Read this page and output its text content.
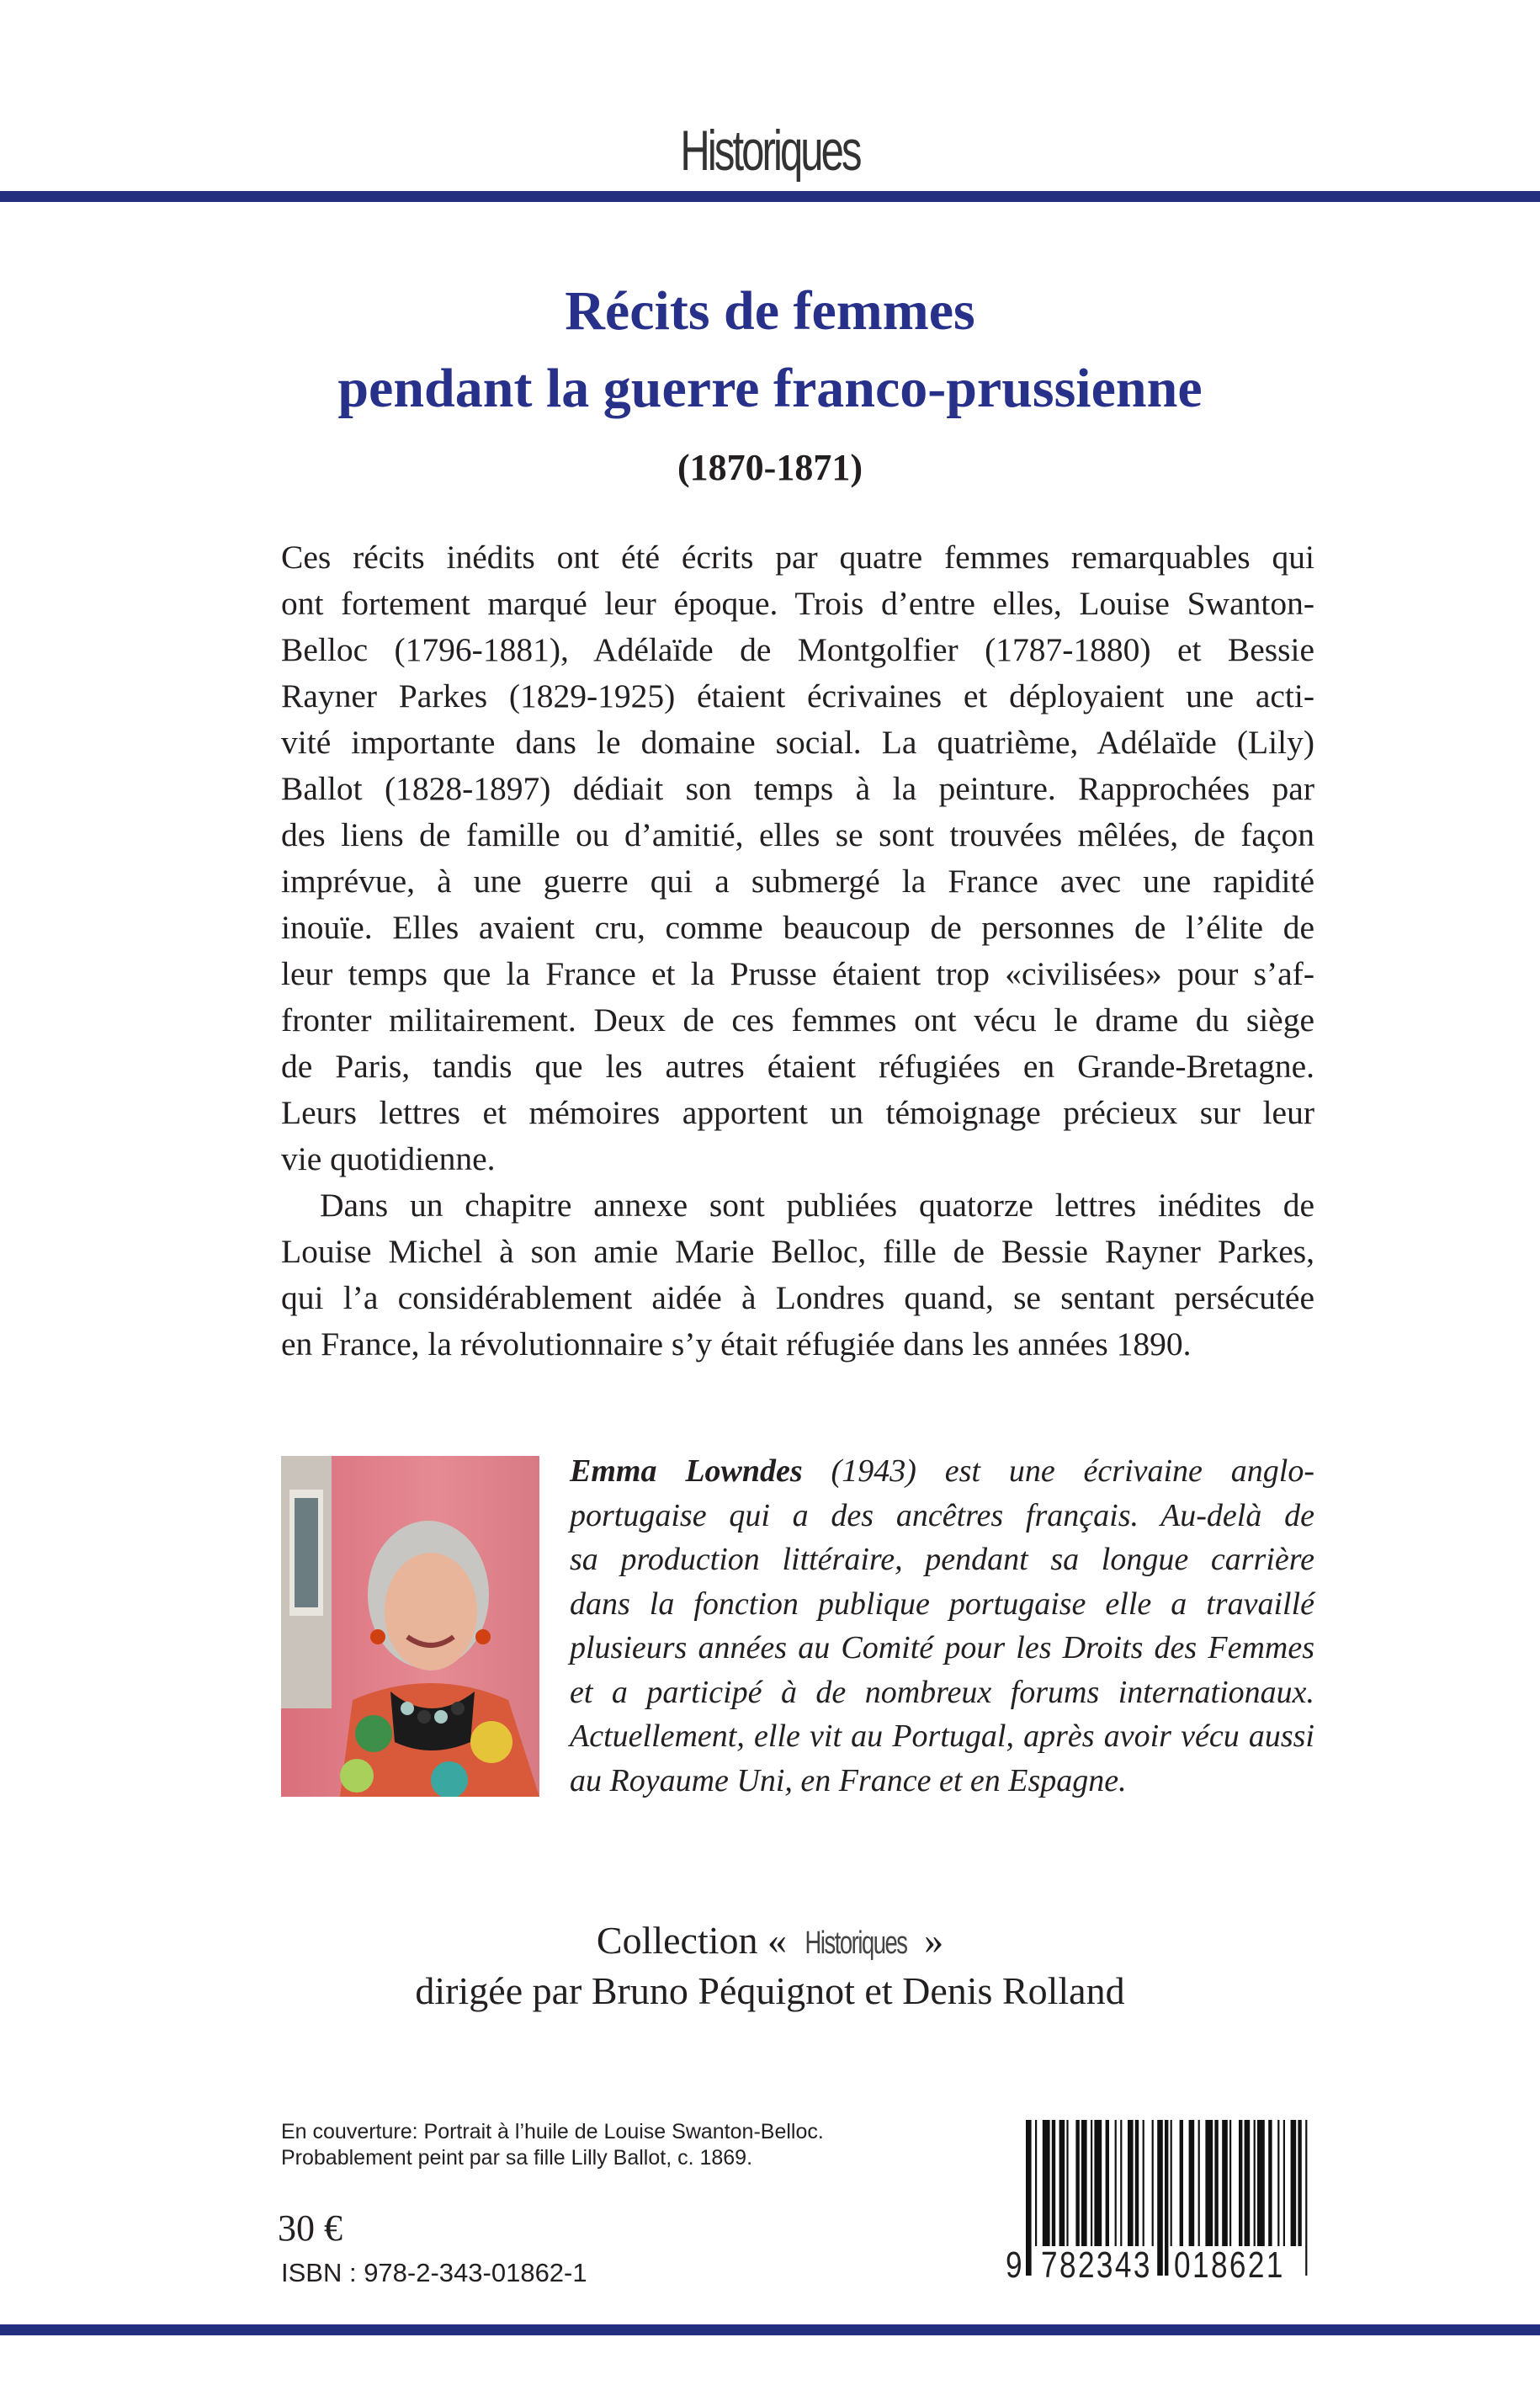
Historiques
Récits de femmes
pendant la guerre franco-prussienne
(1870-1871)
Ces récits inédits ont été écrits par quatre femmes remarquables qui
ont fortement marqué leur époque. Trois d’entre elles, Louise Swanton-
Belloc (1796-1881), Adélaïde de Montgolfier (1787-1880) et Bessie
Rayner Parkes (1829-1925) étaient écrivaines et déployaient une acti-
vité importante dans le domaine social. La quatrième, Adélaïde (Lily)
Ballot (1828-1897) dédiait son temps à la peinture. Rapprochées par
des liens de famille ou d’amitié, elles se sont trouvées mêlées, de façon
imprévue, à une guerre qui a submergé la France avec une rapidité
inouïe. Elles avaient cru, comme beaucoup de personnes de l’élite de
leur temps que la France et la Prusse étaient trop «civilisées» pour s’af-
fronter militairement. Deux de ces femmes ont vécu le drame du siège
de Paris, tandis que les autres étaient réfugiées en Grande-Bretagne.
Leurs lettres et mémoires apportent un témoignage précieux sur leur
vie quotidienne.
Dans un chapitre annexe sont publiées quatorze lettres inédites de
Louise Michel à son amie Marie Belloc, fille de Bessie Rayner Parkes,
qui l’a considérablement aidée à Londres quand, se sentant persécutée
en France, la révolutionnaire s’y était réfugiée dans les années 1890.
Emma Lowndes (1943) est une écrivaine anglo-
portugaise qui a des ancêtres français. Au-delà de
sa production littéraire, pendant sa longue carrière
dans la fonction publique portugaise elle a travaillé
plusieurs années au Comité pour les Droits des Femmes
et a participé à de nombreux forums internationaux.
Actuellement, elle vit au Portugal, après avoir vécu aussi
au Royaume Uni, en France et en Espagne.
Collection « Historiques »
dirigée par Bruno Péquignot et Denis Rolland
En couverture: Portrait à l’huile de Louise Swanton-Belloc.
Probablement peint par sa fille Lilly Ballot, c. 1869.
30 €
ISBN : 978-2-343-01862-1	9 782343 018621
